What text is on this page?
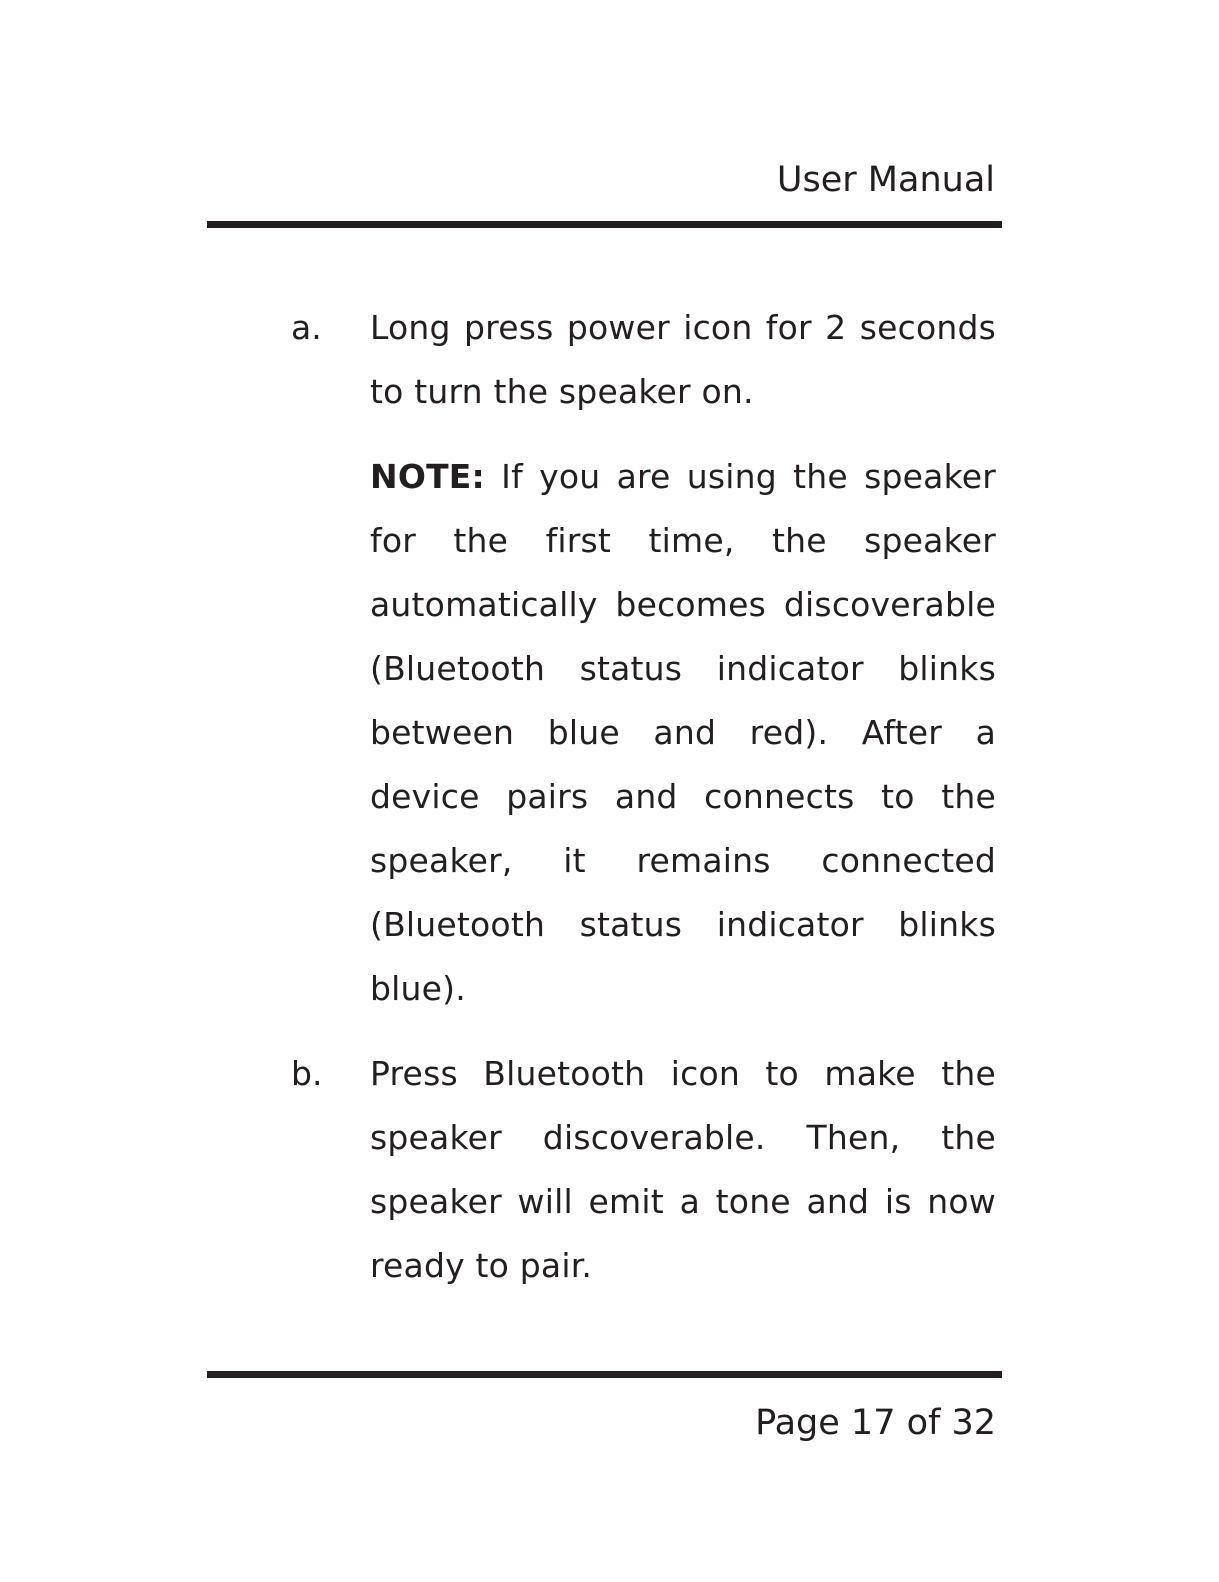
User Manual
a. Long press power icon for 2 seconds to turn the speaker on.

NOTE: If you are using the speaker for the first time, the speaker automatically becomes discoverable (Bluetooth status indicator blinks between blue and red). After a device pairs and connects to the speaker, it remains connected (Bluetooth status indicator blinks blue).

b. Press Bluetooth icon to make the speaker discoverable. Then, the speaker will emit a tone and is now ready to pair.

Page 17 of 32
